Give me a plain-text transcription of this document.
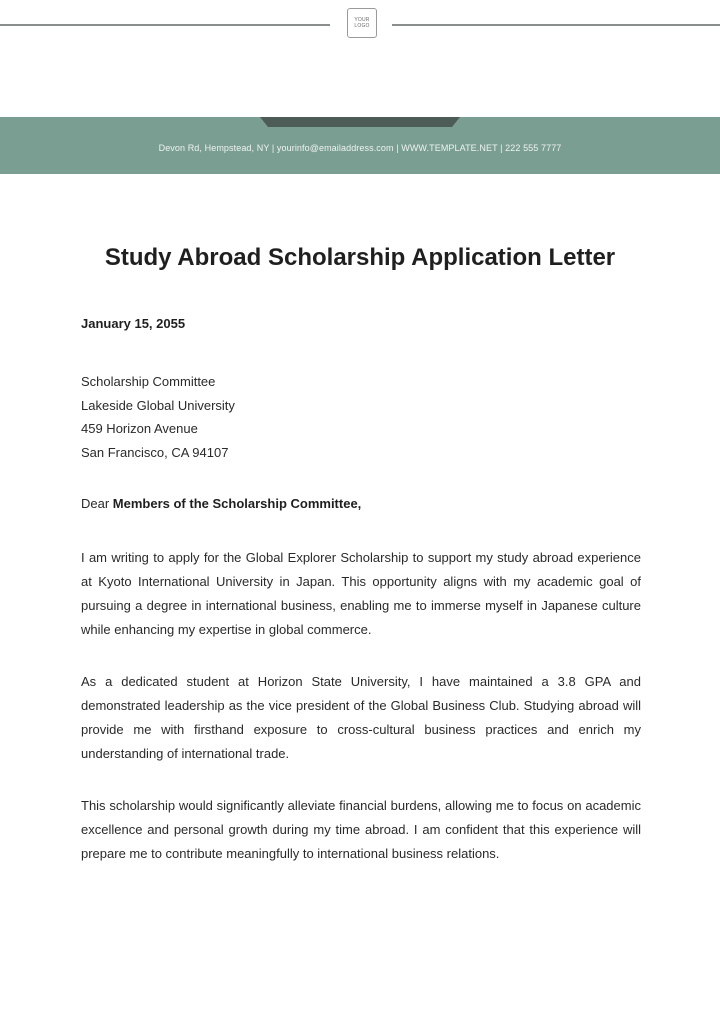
YOUR
LOGO
Devon Rd, Hempstead, NY | yourinfo@emailaddress.com | WWW.TEMPLATE.NET | 222 555 7777
Study Abroad Scholarship Application Letter
January 15, 2055
Scholarship Committee
Lakeside Global University
459 Horizon Avenue
San Francisco, CA 94107
Dear Members of the Scholarship Committee,

I am writing to apply for the Global Explorer Scholarship to support my study abroad experience at Kyoto International University in Japan. This opportunity aligns with my academic goal of pursuing a degree in international business, enabling me to immerse myself in Japanese culture while enhancing my expertise in global commerce.

As a dedicated student at Horizon State University, I have maintained a 3.8 GPA and demonstrated leadership as the vice president of the Global Business Club. Studying abroad will provide me with firsthand exposure to cross-cultural business practices and enrich my understanding of international trade.

This scholarship would significantly alleviate financial burdens, allowing me to focus on academic excellence and personal growth during my time abroad. I am confident that this experience will prepare me to contribute meaningfully to international business relations.
